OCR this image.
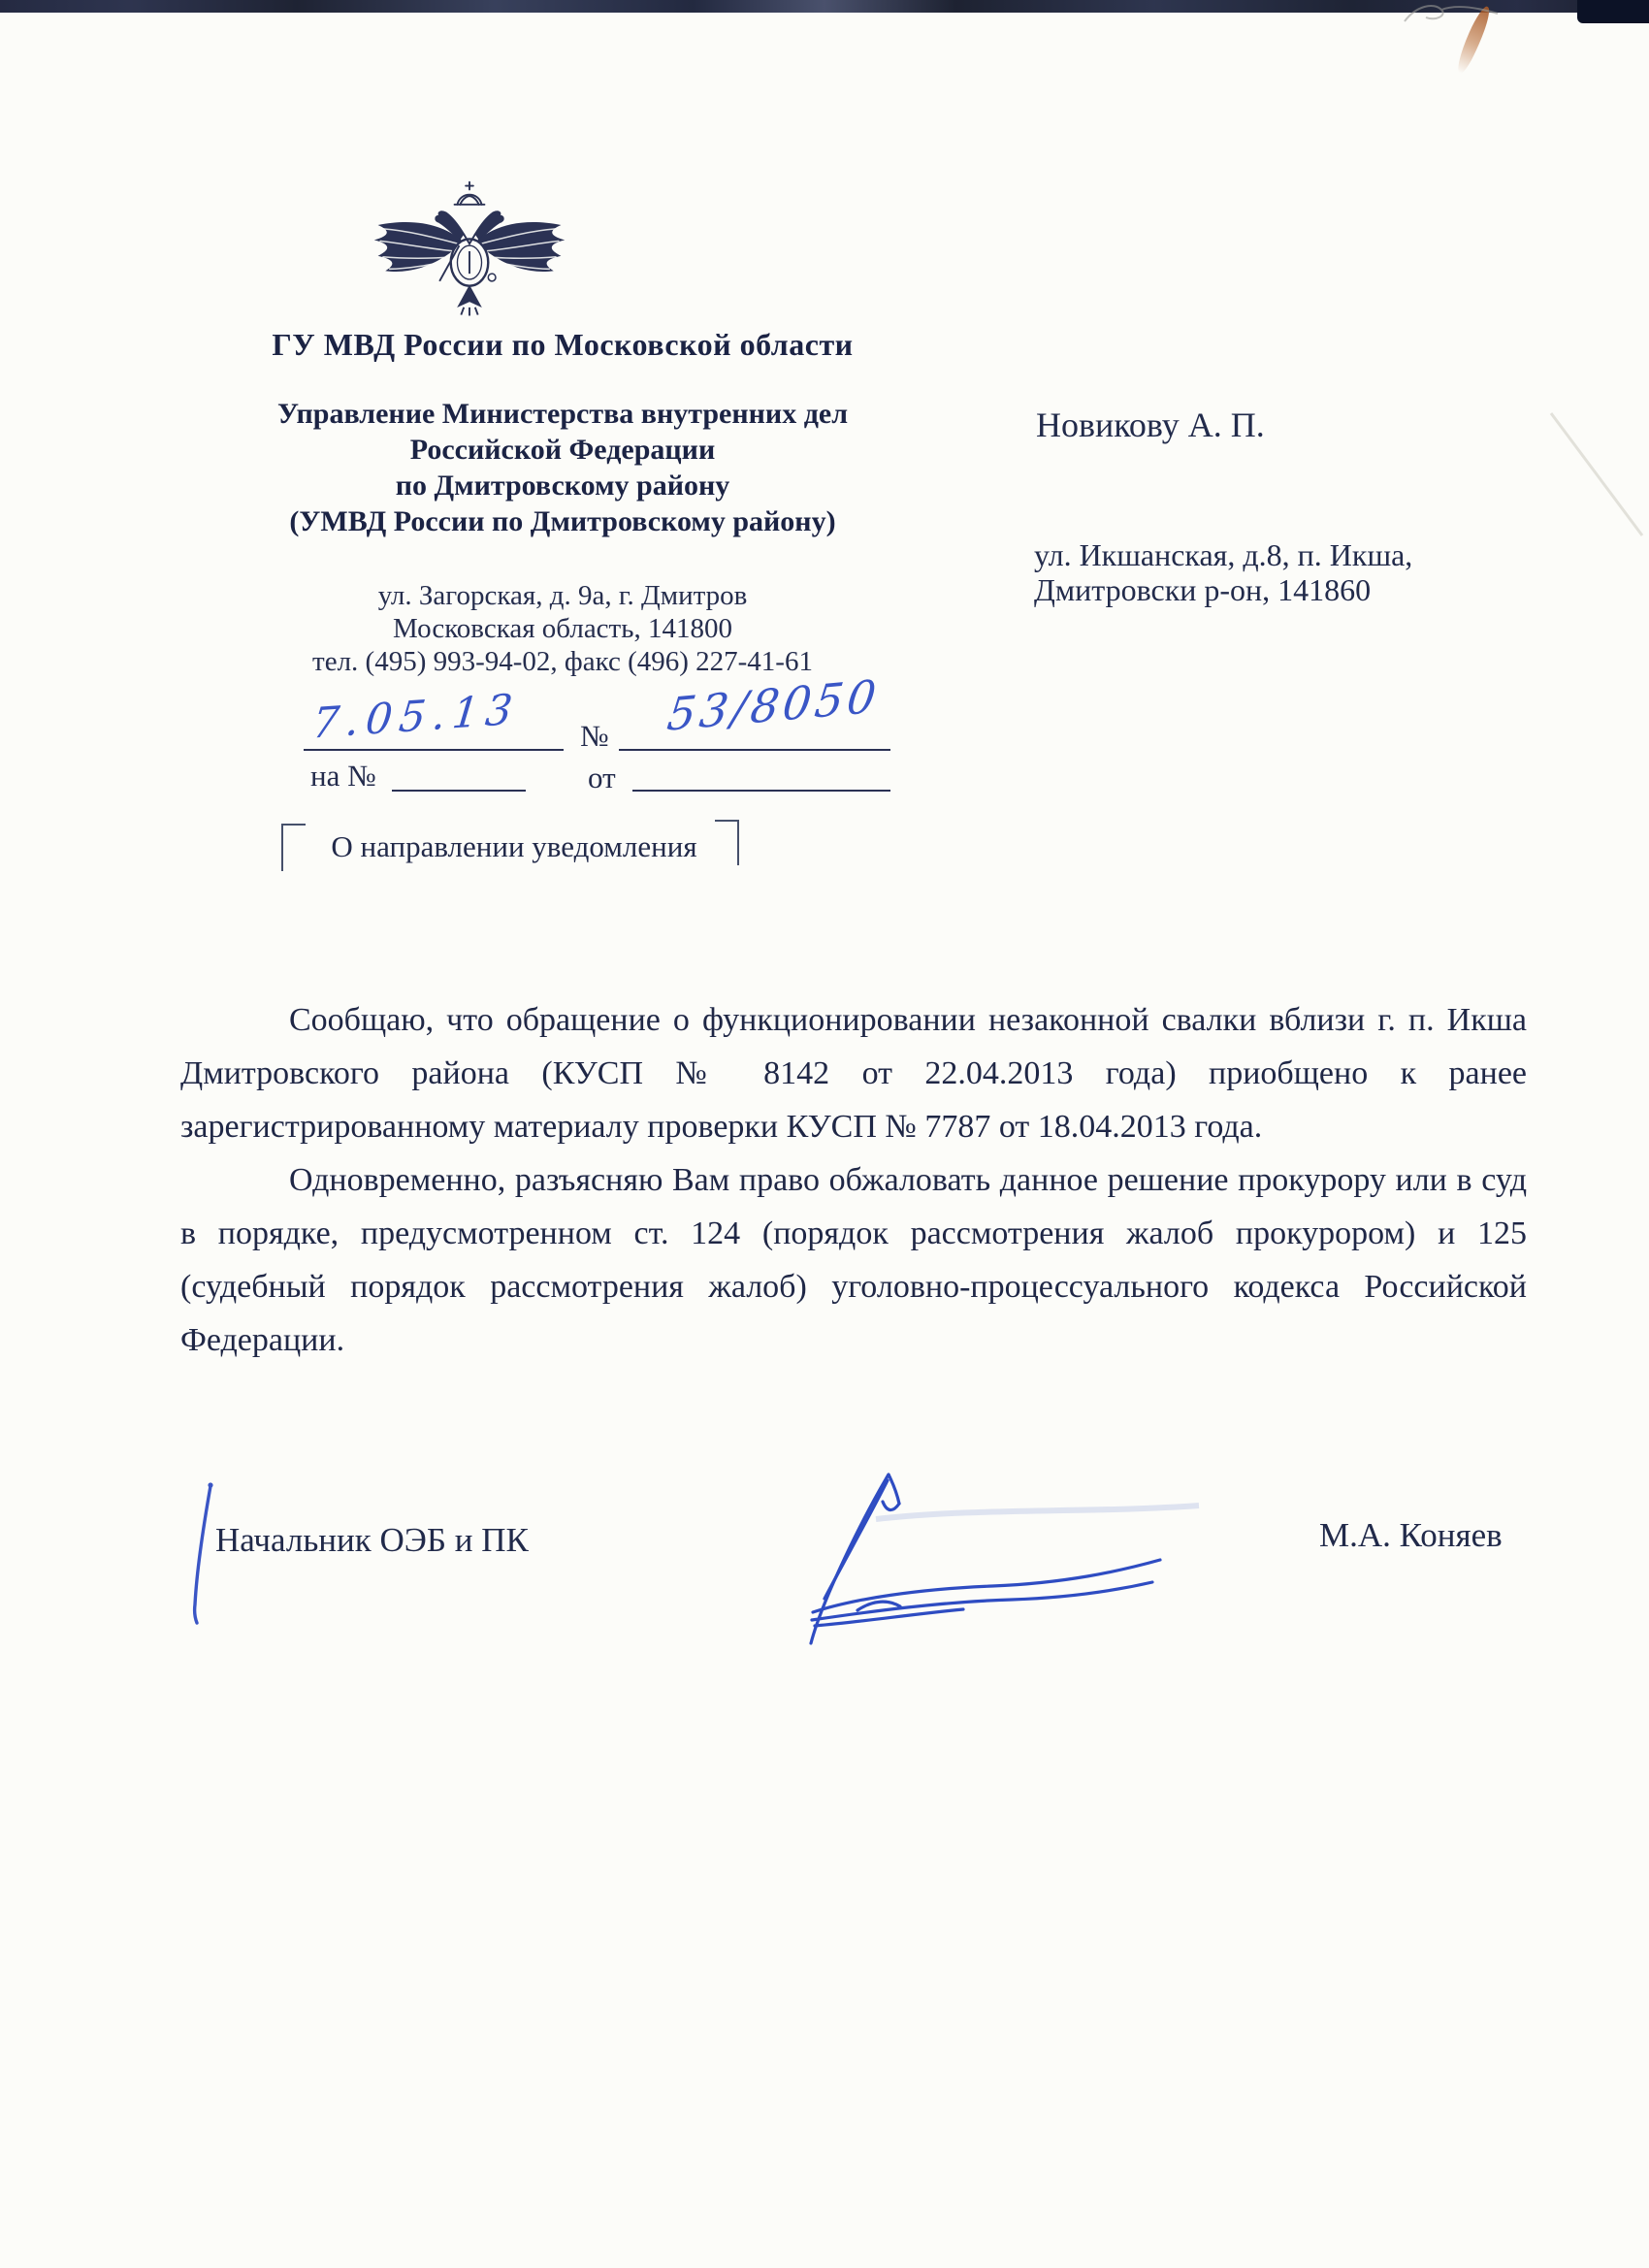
ГУ МВД России по Московской области
Управление Министерства внутренних дел
Российской Федерации
по Дмитровскому району
(УМВД России по Дмитровскому району)
ул. Загорская, д. 9а, г. Дмитров
Московская область, 141800
тел. (495) 993-94-02, факс (496) 227-41-61
7.05.13 № 53/8050
на №	от
О направлении уведомления
Новикову А. П.
ул. Икшанская, д.8, п. Икша,
Дмитровски р-он, 141860

Сообщаю, что обращение о функционировании незаконной свалки вблизи г. п. Икша Дмитровского района (КУСП № 8142 от 22.04.2013 года) приобщено к ранее зарегистрированному материалу проверки КУСП № 7787 от 18.04.2013 года.

Одновременно, разъясняю Вам право обжаловать данное решение прокурору или в суд в порядке, предусмотренном ст. 124 (порядок рассмотрения жалоб прокурором) и 125 (судебный порядок рассмотрения жалоб) уголовно-процессуального кодекса Российской Федерации.

Начальник ОЭБ и ПК	М.А. Коняев
